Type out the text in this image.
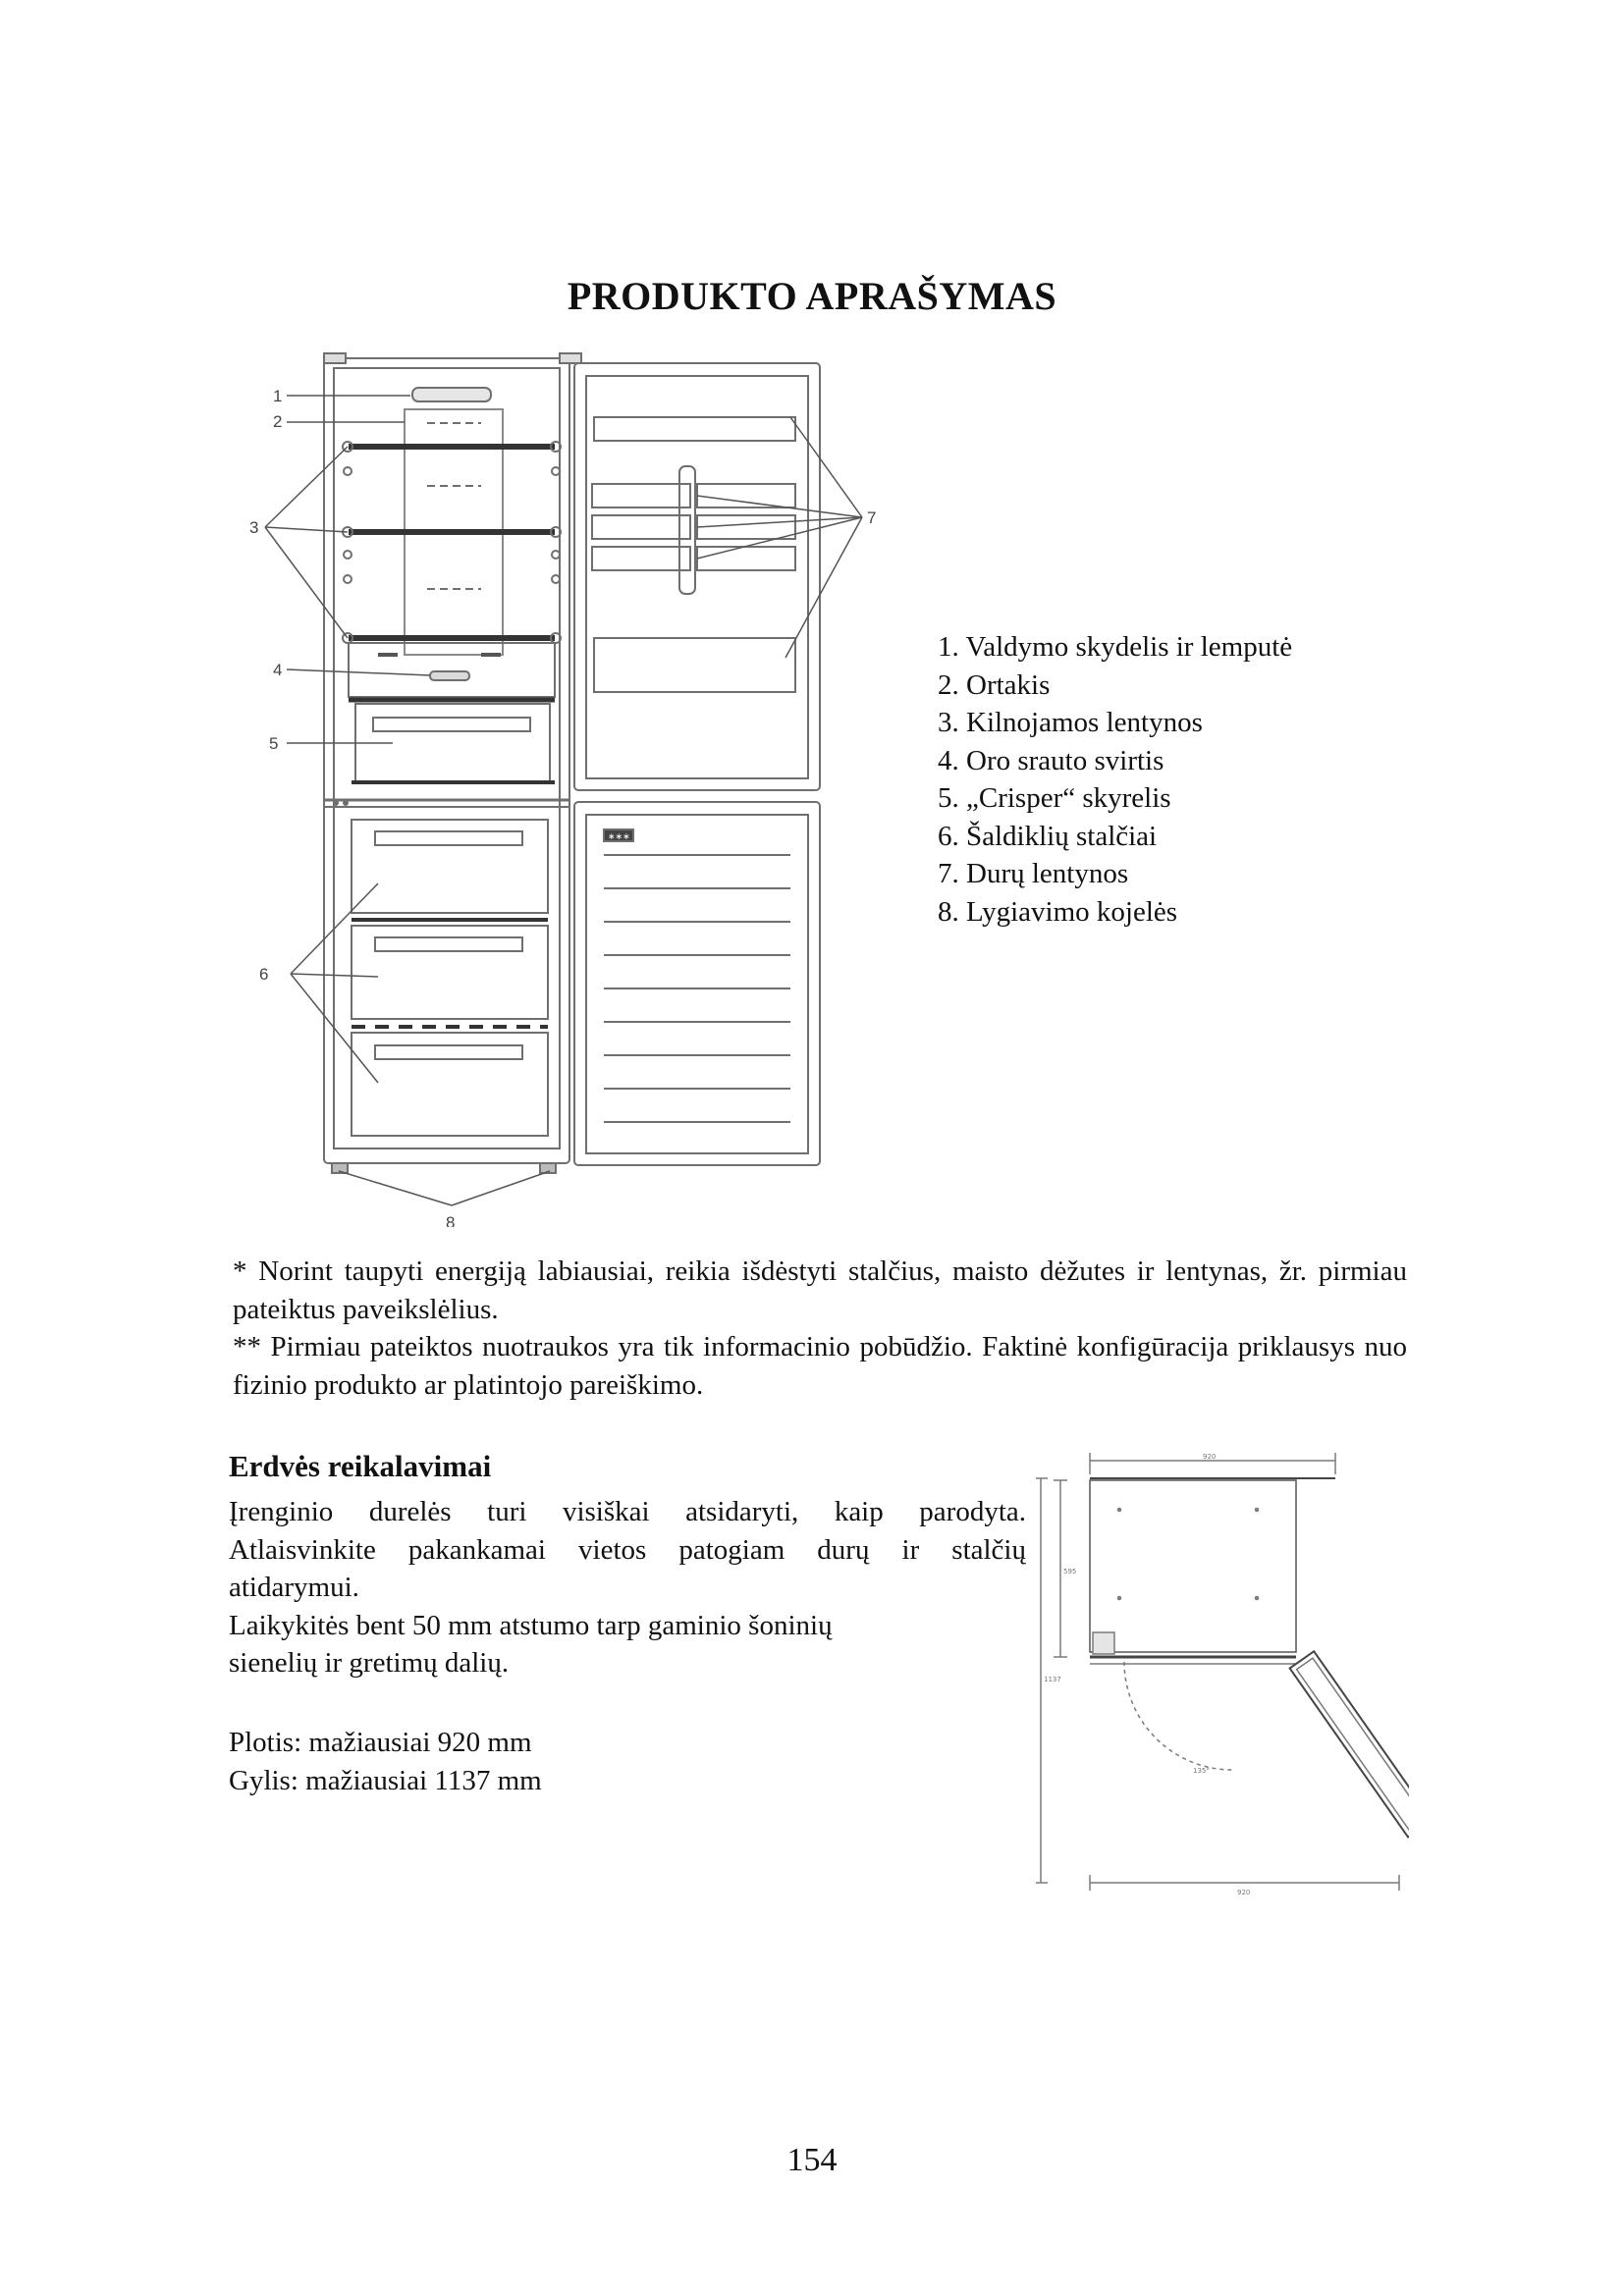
PRODUKTO APRAŠYMAS
∗∗∗
1
2
3
4
5
6
7
8
1. Valdymo skydelis ir lemputė
2. Ortakis
3. Kilnojamos lentynos
4. Oro srauto svirtis
5. „Crisper“ skyrelis
6. Šaldiklių stalčiai
7. Durų lentynos
8. Lygiavimo kojelės

* Norint taupyti energiją labiausiai, reikia išdėstyti stalčius, maisto dėžutes ir lentynas, žr. pirmiau pateiktus paveikslėlius.

** Pirmiau pateiktos nuotraukos yra tik informacinio pobūdžio. Faktinė konfigūracija priklausys nuo fizinio produkto ar platintojo pareiškimo.

Erdvės reikalavimai

Įrenginio durelės turi visiškai atsidaryti, kaip parodyta.

Atlaisvinkite pakankamai vietos patogiam durų ir stalčių

atidarymui.

Laikykitės bent 50 mm atstumo tarp gaminio šoninių

sienelių ir gretimų dalių.

Plotis: mažiausiai 920 mm

Gylis: mažiausiai 1137 mm

920
595
1137
920
135°
154
